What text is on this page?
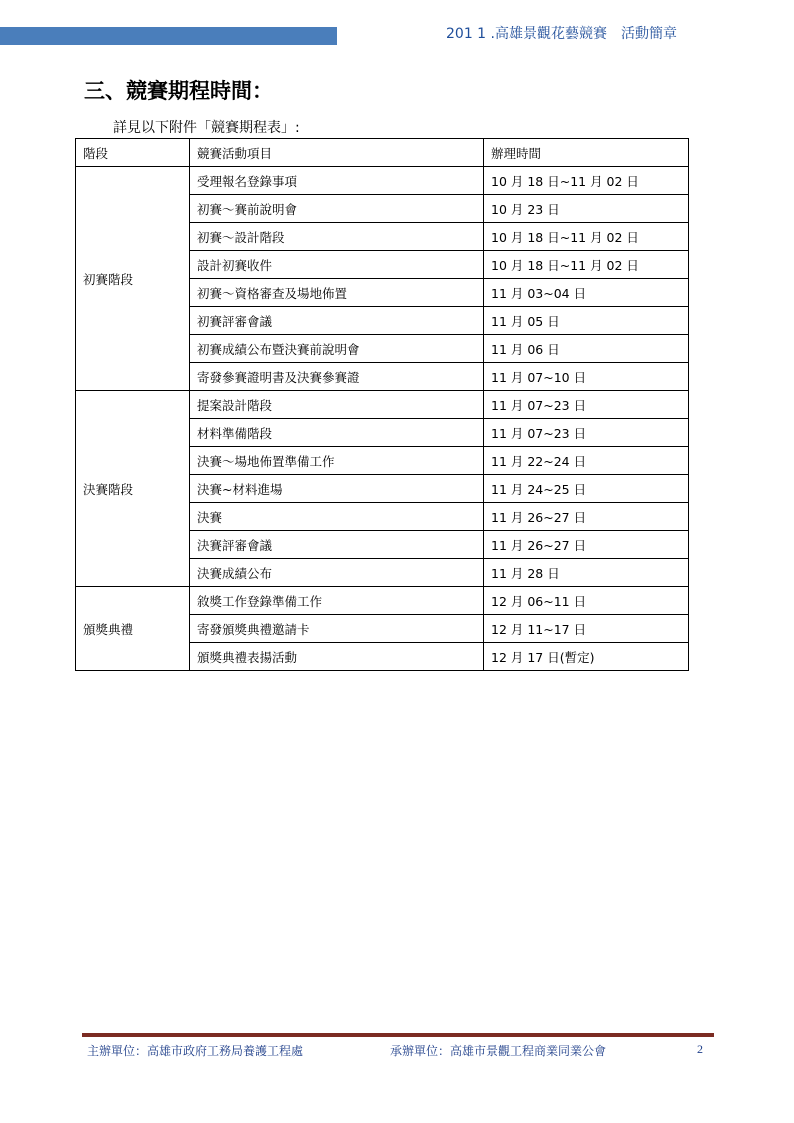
201 1 .高雄景觀花藝競賽　活動簡章
三、競賽期程時間：
詳見以下附件「競賽期程表」:
階段	競賽活動項目	辦理時間
初賽階段	受理報名登錄事項	10 月 18 日~11 月 02 日
	初賽～賽前說明會	10 月 23 日
	初賽～設計階段	10 月 18 日~11 月 02 日
	設計初賽收件	10 月 18 日~11 月 02 日
	初賽～資格審查及場地佈置	11 月 03~04 日
	初賽評審會議	11 月 05 日
	初賽成績公布暨決賽前說明會	11 月 06 日
	寄發參賽證明書及決賽參賽證	11 月 07~10 日
決賽階段	提案設計階段	11 月 07~23 日
	材料準備階段	11 月 07~23 日
	決賽～場地佈置準備工作	11 月 22~24 日
	決賽~材料進場	11 月 24~25 日
	決賽	11 月 26~27 日
	決賽評審會議	11 月 26~27 日
	決賽成績公布	11 月 28 日
頒獎典禮	敘獎工作登錄準備工作	12 月 06~11 日
	寄發頒獎典禮邀請卡	12 月 11~17 日
	頒獎典禮表揚活動	12 月 17 日(暫定)
主辦單位：高雄市政府工務局養護工程處	承辦單位：高雄市景觀工程商業同業公會	2
